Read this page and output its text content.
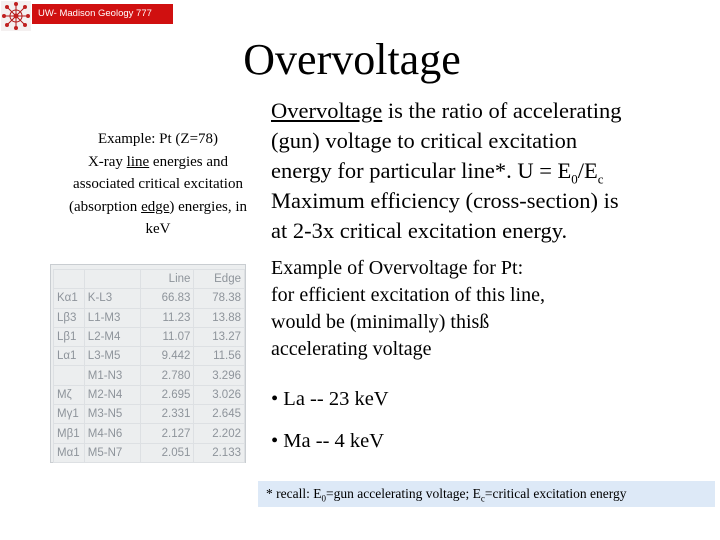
UW- Madison Geology 777
Overvoltage
Example: Pt (Z=78)
X-ray line energies and
associated critical excitation
(absorption edge) energies, in
keV
Overvoltage is the ratio of accelerating
(gun) voltage to critical excitation
energy for particular line*. $U = E_0/E_c$
Maximum efficiency (cross-section) is
at 2-3x critical excitation energy.
Example of Overvoltage for Pt:
for efficient excitation of this line,
would be (minimally) thisß
accelerating voltage
• La -- 23 keV
• Ma -- 4 keV
* recall: $E_0=gun$ accelerating voltage; $E_c=critical$ excitation energy
		Line	Edge
Kα1	K-L3	66.83	78.38
Lβ3	L1-M3	11.23	13.88
Lβ1	L2-M4	11.07	13.27
Lα1	L3-M5	9.442	11.56
	M1-N3	2.780	3.296
Mζ	M2-N4	2.695	3.026
Mγ1	M3-N5	2.331	2.645
Mβ1	M4-N6	2.127	2.202
Mα1	M5-N7	2.051	2.133
